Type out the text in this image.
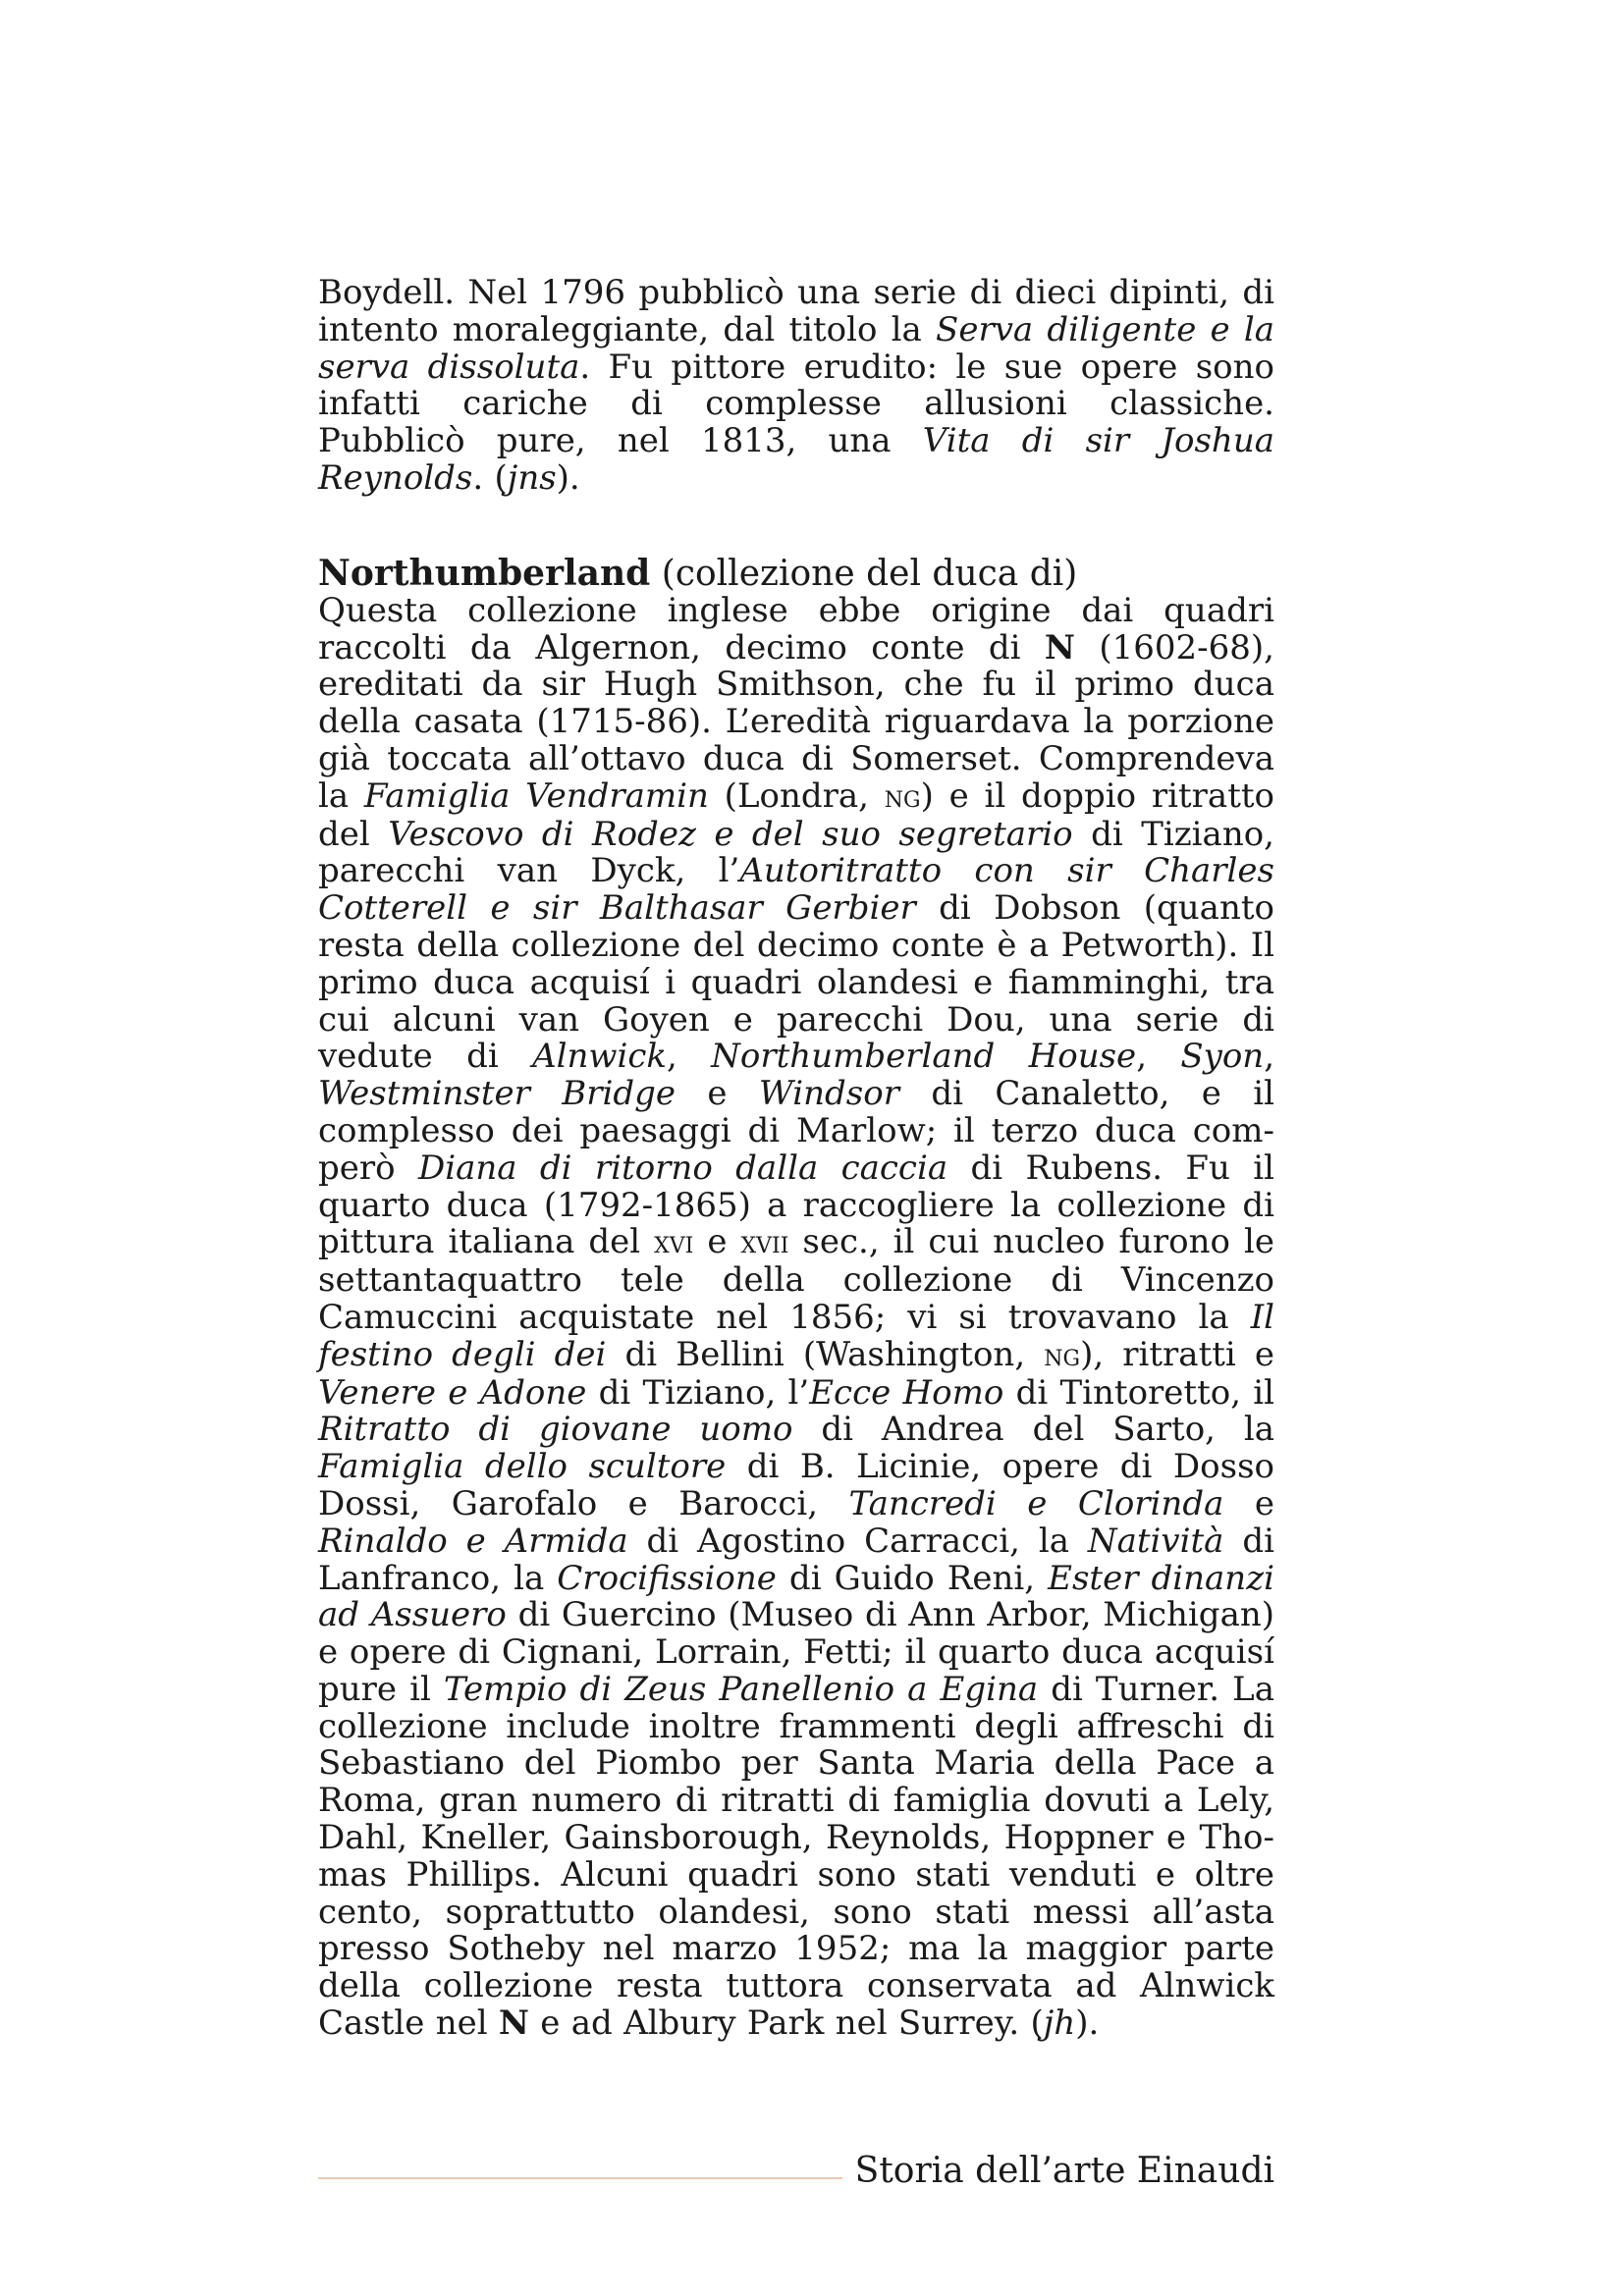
Boydell. Nel 1796 pubblicò una serie di dieci dipinti, di intento moraleggiante, dal titolo la Serva diligente e la serva dissoluta. Fu pittore erudito: le sue opere sono infatti cariche di complesse allusioni classiche. Pubblicò pure, nel 1813, una Vita di sir Joshua Reynolds. (jns).

Northumberland (collezione del duca di)

Questa collezione inglese ebbe origine dai quadri raccolti da Algernon, decimo conte di N (1602-68), ereditati da sir Hugh Smithson, che fu il primo duca della casata (1715-86). L’eredità riguardava la porzione già toccata all’ottavo duca di Somerset. Comprendeva la Famiglia Vendramin (Londra, ng) e il doppio ritratto del Vescovo di Rodez e del suo segretario di Tiziano, parecchi van Dyck, l’Autoritratto con sir Charles Cotterell e sir Balthasar Gerbier di Dobson (quanto resta della collezione del decimo conte è a Petworth). Il primo duca acquisí i quadri olandesi e fiamminghi, tra cui alcuni van Goyen e parecchi Dou, una serie di vedute di Alnwick, Northumberland House, Syon, Westminster Bridge e Windsor di Canaletto, e il complesso dei paesaggi di Marlow; il terzo duca comperò Diana di ritorno dalla caccia di Rubens. Fu il quarto duca (1792-1865) a raccogliere la collezione di pittura italiana del xvi e xvii sec., il cui nucleo furono le settantaquattro tele della collezione di Vincenzo Camuccini acquistate nel 1856; vi si trovavano la Il festino degli dei di Bellini (Washington, ng), ritratti e Venere e Adone di Tiziano, l’Ecce Homo di Tintoretto, il Ritratto di giovane uomo di Andrea del Sarto, la Famiglia dello scultore di B. Licinie, opere di Dosso Dossi, Garofalo e Barocci, Tancredi e Clorinda e Rinaldo e Armida di Agostino Carracci, la Natività di Lanfranco, la Crocifissione di Guido Reni, Ester dinanzi ad Assuero di Guercino (Museo di Ann Arbor, Michigan) e opere di Cignani, Lorrain, Fetti; il quarto duca acquisí pure il Tempio di Zeus Panellenio a Egina di Turner. La collezione include inoltre frammenti degli affreschi di Sebastiano del Piombo per Santa Maria della Pace a Roma, gran numero di ritratti di famiglia dovuti a Lely, Dahl, Kneller, Gainsborough, Reynolds, Hoppner e Thomas Phillips. Alcuni quadri sono stati venduti e oltre cento, soprattutto olandesi, sono stati messi all’asta presso Sotheby nel marzo 1952; ma la maggior parte della collezione resta tuttora conservata ad Alnwick Castle nel N e ad Albury Park nel Surrey. (jh).

Storia dell’arte Einaudi
